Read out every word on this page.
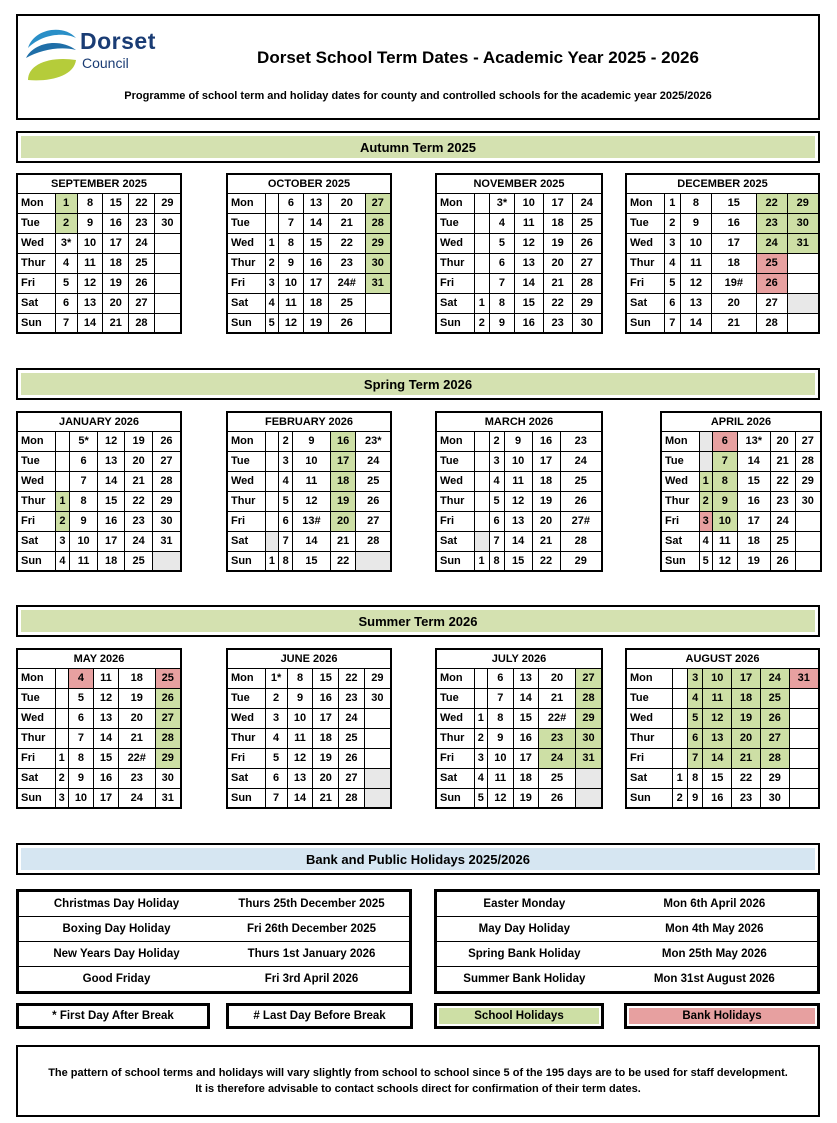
Dorset
Council	Dorset School Term Dates - Academic Year 2025 - 2026
Programme of school term and holiday dates for county and controlled schools for the academic year 2025/2026
Autumn Term 2025
Spring Term 2026
Summer Term 2026
Bank and Public Holidays 2025/2026
SEPTEMBER 2025					
Mon	1	8	15	22	29
Tue	2	9	16	23	30
Wed	3*	10	17	24	
Thur	4	11	18	25	
Fri	5	12	19	26	
Sat	6	13	20	27	
Sun	7	14	21	28	
OCTOBER 2025					
Mon		6	13	20	27
Tue		7	14	21	28
Wed	1	8	15	22	29
Thur	2	9	16	23	30
Fri	3	10	17	24#	31
Sat	4	11	18	25	
Sun	5	12	19	26	
NOVEMBER 2025					
Mon		3*	10	17	24
Tue		4	11	18	25
Wed		5	12	19	26
Thur		6	13	20	27
Fri		7	14	21	28
Sat	1	8	15	22	29
Sun	2	9	16	23	30
DECEMBER 2025					
Mon	1	8	15	22	29
Tue	2	9	16	23	30
Wed	3	10	17	24	31
Thur	4	11	18	25	
Fri	5	12	19#	26	
Sat	6	13	20	27	
Sun	7	14	21	28	
JANUARY 2026					
Mon		5*	12	19	26
Tue		6	13	20	27
Wed		7	14	21	28
Thur	1	8	15	22	29
Fri	2	9	16	23	30
Sat	3	10	17	24	31
Sun	4	11	18	25	
FEBRUARY 2026					
Mon		2	9	16	23*
Tue		3	10	17	24
Wed		4	11	18	25
Thur		5	12	19	26
Fri		6	13#	20	27
Sat		7	14	21	28
Sun	1	8	15	22	
MARCH 2026					
Mon		2	9	16	23
Tue		3	10	17	24
Wed		4	11	18	25
Thur		5	12	19	26
Fri		6	13	20	27#
Sat		7	14	21	28
Sun	1	8	15	22	29
APRIL 2026					
Mon		6	13*	20	27
Tue		7	14	21	28
Wed	1	8	15	22	29
Thur	2	9	16	23	30
Fri	3	10	17	24	
Sat	4	11	18	25	
Sun	5	12	19	26	
MAY 2026					
Mon		4	11	18	25
Tue		5	12	19	26
Wed		6	13	20	27
Thur		7	14	21	28
Fri	1	8	15	22#	29
Sat	2	9	16	23	30
Sun	3	10	17	24	31
JUNE 2026					
Mon	1*	8	15	22	29
Tue	2	9	16	23	30
Wed	3	10	17	24	
Thur	4	11	18	25	
Fri	5	12	19	26	
Sat	6	13	20	27	
Sun	7	14	21	28	
JULY 2026					
Mon		6	13	20	27
Tue		7	14	21	28
Wed	1	8	15	22#	29
Thur	2	9	16	23	30
Fri	3	10	17	24	31
Sat	4	11	18	25	
Sun	5	12	19	26	
AUGUST 2026						
Mon		3	10	17	24	31
Tue		4	11	18	25	
Wed		5	12	19	26	
Thur		6	13	20	27	
Fri		7	14	21	28	
Sat	1	8	15	22	29	
Sun	2	9	16	23	30	
Christmas Day Holiday	Thurs 25th December 2025
Boxing Day Holiday	Fri 26th December 2025
New Years Day Holiday	Thurs 1st January 2026
Good Friday	Fri 3rd April 2026
Easter Monday	Mon 6th April 2026
May Day Holiday	Mon 4th May 2026
Spring Bank Holiday	Mon 25th May 2026
Summer Bank Holiday	Mon 31st August 2026
* First Day After Break	# Last Day Before Break	School Holidays	Bank Holidays
The pattern of school terms and holidays will vary slightly from school to school since 5 of the 195 days are to be used for staff development.
It is therefore advisable to contact schools direct for confirmation of their term dates.
